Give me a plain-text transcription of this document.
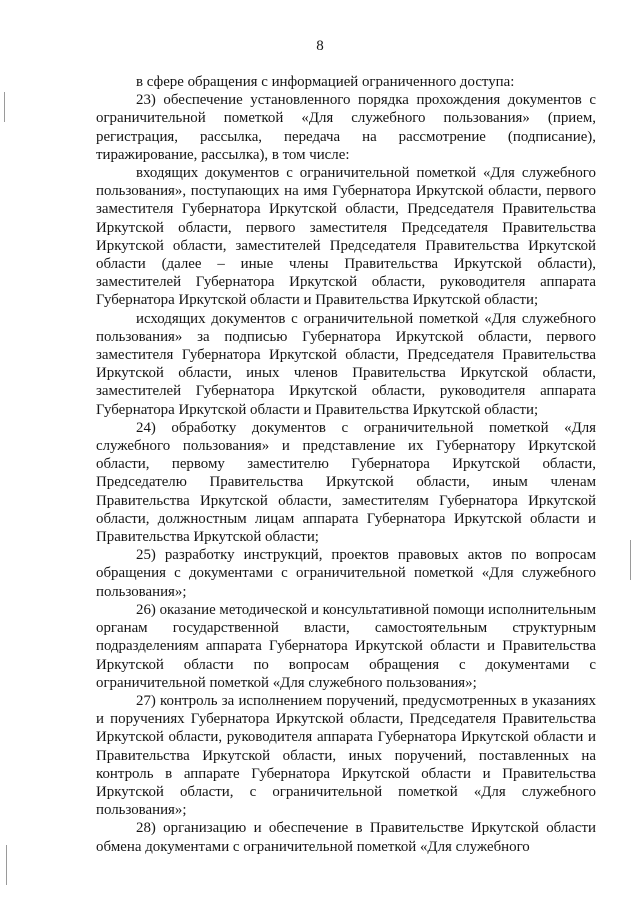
8

в сфере обращения с информацией ограниченного доступа:

23) обеспечение установленного порядка прохождения документов с ограничительной пометкой «Для служебного пользования» (прием, регистрация, рассылка, передача на рассмотрение (подписание), тиражирование, рассылка), в том числе:

входящих документов с ограничительной пометкой «Для служебного пользования», поступающих на имя Губернатора Иркутской области, первого заместителя Губернатора Иркутской области, Председателя Правительства Иркутской области, первого заместителя Председателя Правительства Иркутской области, заместителей Председателя Правительства Иркутской области (далее – иные члены Правительства Иркутской области), заместителей Губернатора Иркутской области, руководителя аппарата Губернатора Иркутской области и Правительства Иркутской области;

исходящих документов с ограничительной пометкой «Для служебного пользования» за подписью Губернатора Иркутской области, первого заместителя Губернатора Иркутской области, Председателя Правительства Иркутской области, иных членов Правительства Иркутской области, заместителей Губернатора Иркутской области, руководителя аппарата Губернатора Иркутской области и Правительства Иркутской области;

24) обработку документов с ограничительной пометкой «Для служебного пользования» и представление их Губернатору Иркутской области, первому заместителю Губернатора Иркутской области, Председателю Правительства Иркутской области, иным членам Правительства Иркутской области, заместителям Губернатора Иркутской области, должностным лицам аппарата Губернатора Иркутской области и Правительства Иркутской области;

25) разработку инструкций, проектов правовых актов по вопросам обращения с документами с ограничительной пометкой «Для служебного пользования»;

26) оказание методической и консультативной помощи исполнительным органам государственной власти, самостоятельным структурным подразделениям аппарата Губернатора Иркутской области и Правительства Иркутской области по вопросам обращения с документами с ограничительной пометкой «Для служебного пользования»;

27) контроль за исполнением поручений, предусмотренных в указаниях и поручениях Губернатора Иркутской области, Председателя Правительства Иркутской области, руководителя аппарата Губернатора Иркутской области и Правительства Иркутской области, иных поручений, поставленных на контроль в аппарате Губернатора Иркутской области и Правительства Иркутской области, с ограничительной пометкой «Для служебного пользования»;

28) организацию и обеспечение в Правительстве Иркутской области обмена документами с ограничительной пометкой «Для служебного
